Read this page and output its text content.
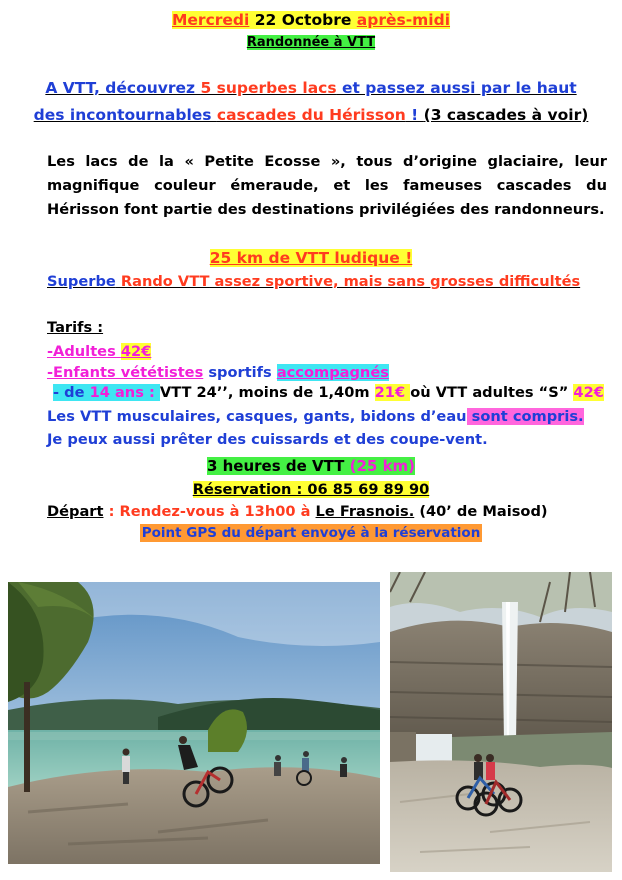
Mercredi 22 Octobre après-midi
Randonnée à VTT
A VTT, découvrez 5 superbes lacs et passez aussi par le haut
des incontournables cascades du Hérisson ! (3 cascades à voir)
Les lacs de la « Petite Ecosse », tous d’origine glaciaire, leur
magnifique couleur émeraude, et les fameuses cascades du
Hérisson font partie des destinations privilégiées des randonneurs.
25 km de VTT ludique !
Superbe Rando VTT assez sportive, mais sans grosses difficultés
Tarifs :
-Adultes 42€
-Enfants vététistes sportifs accompagnés
- de 14 ans : VTT 24’’, moins de 1,40m 21€ où VTT adultes “S” 42€
Les VTT musculaires, casques, gants, bidons d’eau sont compris.
Je peux aussi prêter des cuissards et des coupe-vent.
3 heures de VTT (25 km)
Réservation : 06 85 69 89 90
Départ : Rendez-vous à 13h00 à Le Frasnois. (40’ de Maisod)
Point GPS du départ envoyé à la réservation
